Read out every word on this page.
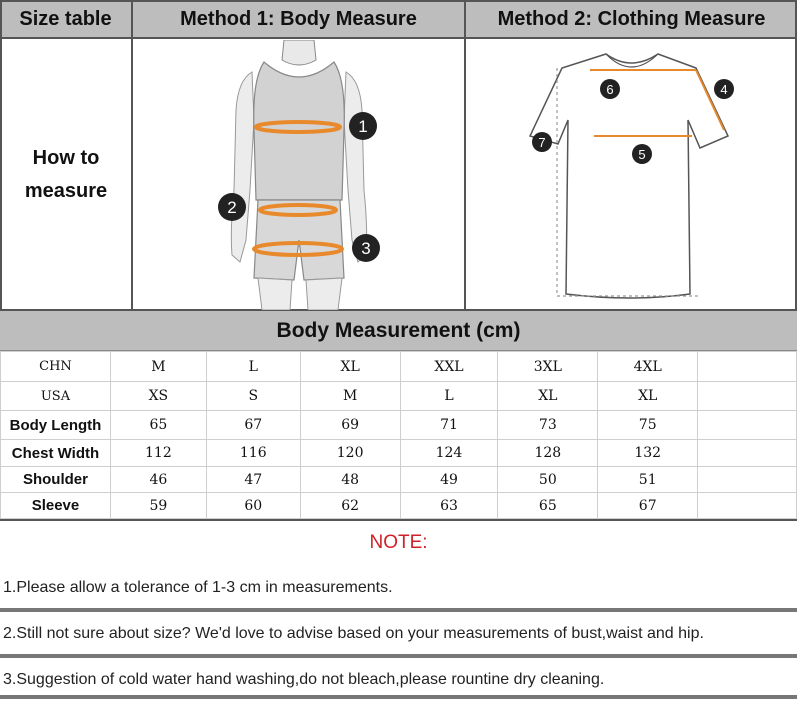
Size table	Method 1: Body Measure	Method 2: Clothing Measure
How to
measure
1
2
3
4
5
6
7
Body Measurement (cm)
CHN	M	L	XL	XXL	3XL	4XL	
USA	XS	S	M	L	XL	XL	
Body Length	65	67	69	71	73	75	
Chest Width	112	116	120	124	128	132	
Shoulder	46	47	48	49	50	51	
Sleeve	59	60	62	63	65	67	
NOTE:
1.Please allow a tolerance of 1-3 cm in measurements.
2.Still not sure about size? We'd love to advise based on your measurements of bust,waist and hip.
3.Suggestion of cold water hand washing,do not bleach,please rountine dry cleaning.
